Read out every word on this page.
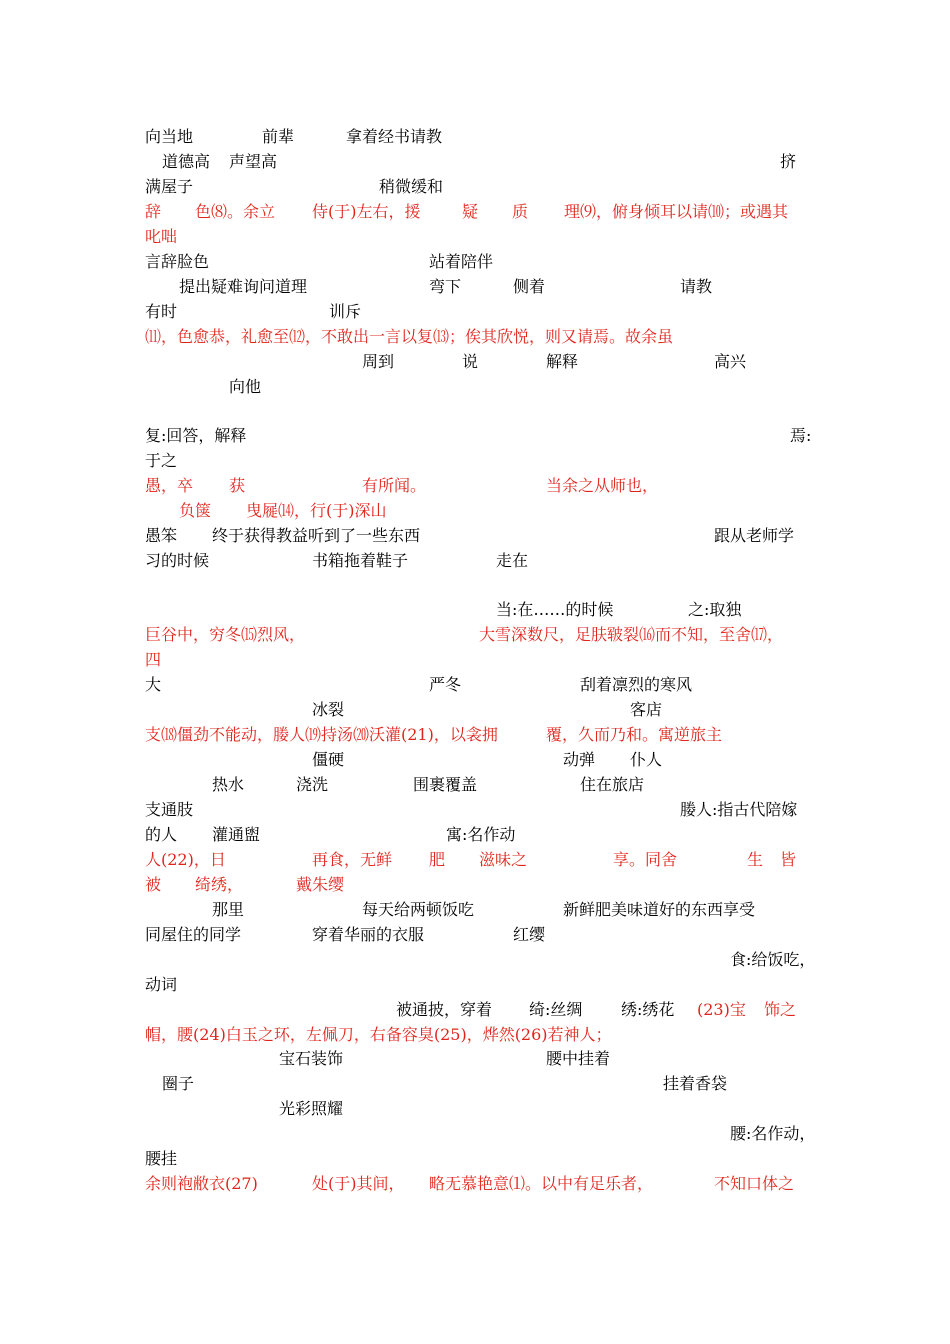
向当地	前辈	拿着经书请教
道德高 声望高	挤
满屋子	稍微缓和
辞 色⑻。余立 侍(于)左右，援	疑 质 理⑼，俯身倾耳以请⑽；或遇其
叱咄
言辞脸色	站着陪伴
提出疑难询问道理	弯下	侧着	请教
有时	训斥
⑾，色愈恭，礼愈至⑿，不敢出一言以复⒀；俟其欣悦，则又请焉。故余虽
周到	说	解释	高兴
向他
复:回答，解释	焉:
于之
愚，卒 获	有所闻。	当余之从师也，
负箧 曳屣⒁，行(于)深山
愚笨 终于获得教益听到了一些东西	跟从老师学
习的时候	书箱拖着鞋子	走在
当:在……的时候	之:取独
巨谷中，穷冬⒂烈风，	大雪深数尺，足肤皲裂⒃而不知，至舍⒄，
四
大	严冬	刮着凛烈的寒风
冰裂	客店
支⒅僵劲不能动，媵人⒆持汤⒇沃灌(21)，以衾拥	覆，久而乃和。寓逆旅主
僵硬	动弹 仆人
热水	浇洗	围裹覆盖	住在旅店
支通肢	媵人:指古代陪嫁
的人 灌通盥	寓:名作动
人(22)，日	再食，无鲜 肥 滋味之	享。同舍	生 皆
被 绮绣，	戴朱缨
那里	每天给两顿饭吃	新鲜肥美味道好的东西享受
同屋住的同学	穿着华丽的衣服	红缨
食:给饭吃，
动词
被通披，穿着 绮:丝绸 绣:绣花 (23)宝 饰之
帽，腰(24)白玉之环，左佩刀，右备容臭(25)，烨然(26)若神人；
宝石装饰	腰中挂着
圈子	挂着香袋
光彩照耀
腰:名作动，
腰挂
余则袍敝衣(27)	处(于)其间， 略无慕艳意⑴。以中有足乐者，	不知口体之
